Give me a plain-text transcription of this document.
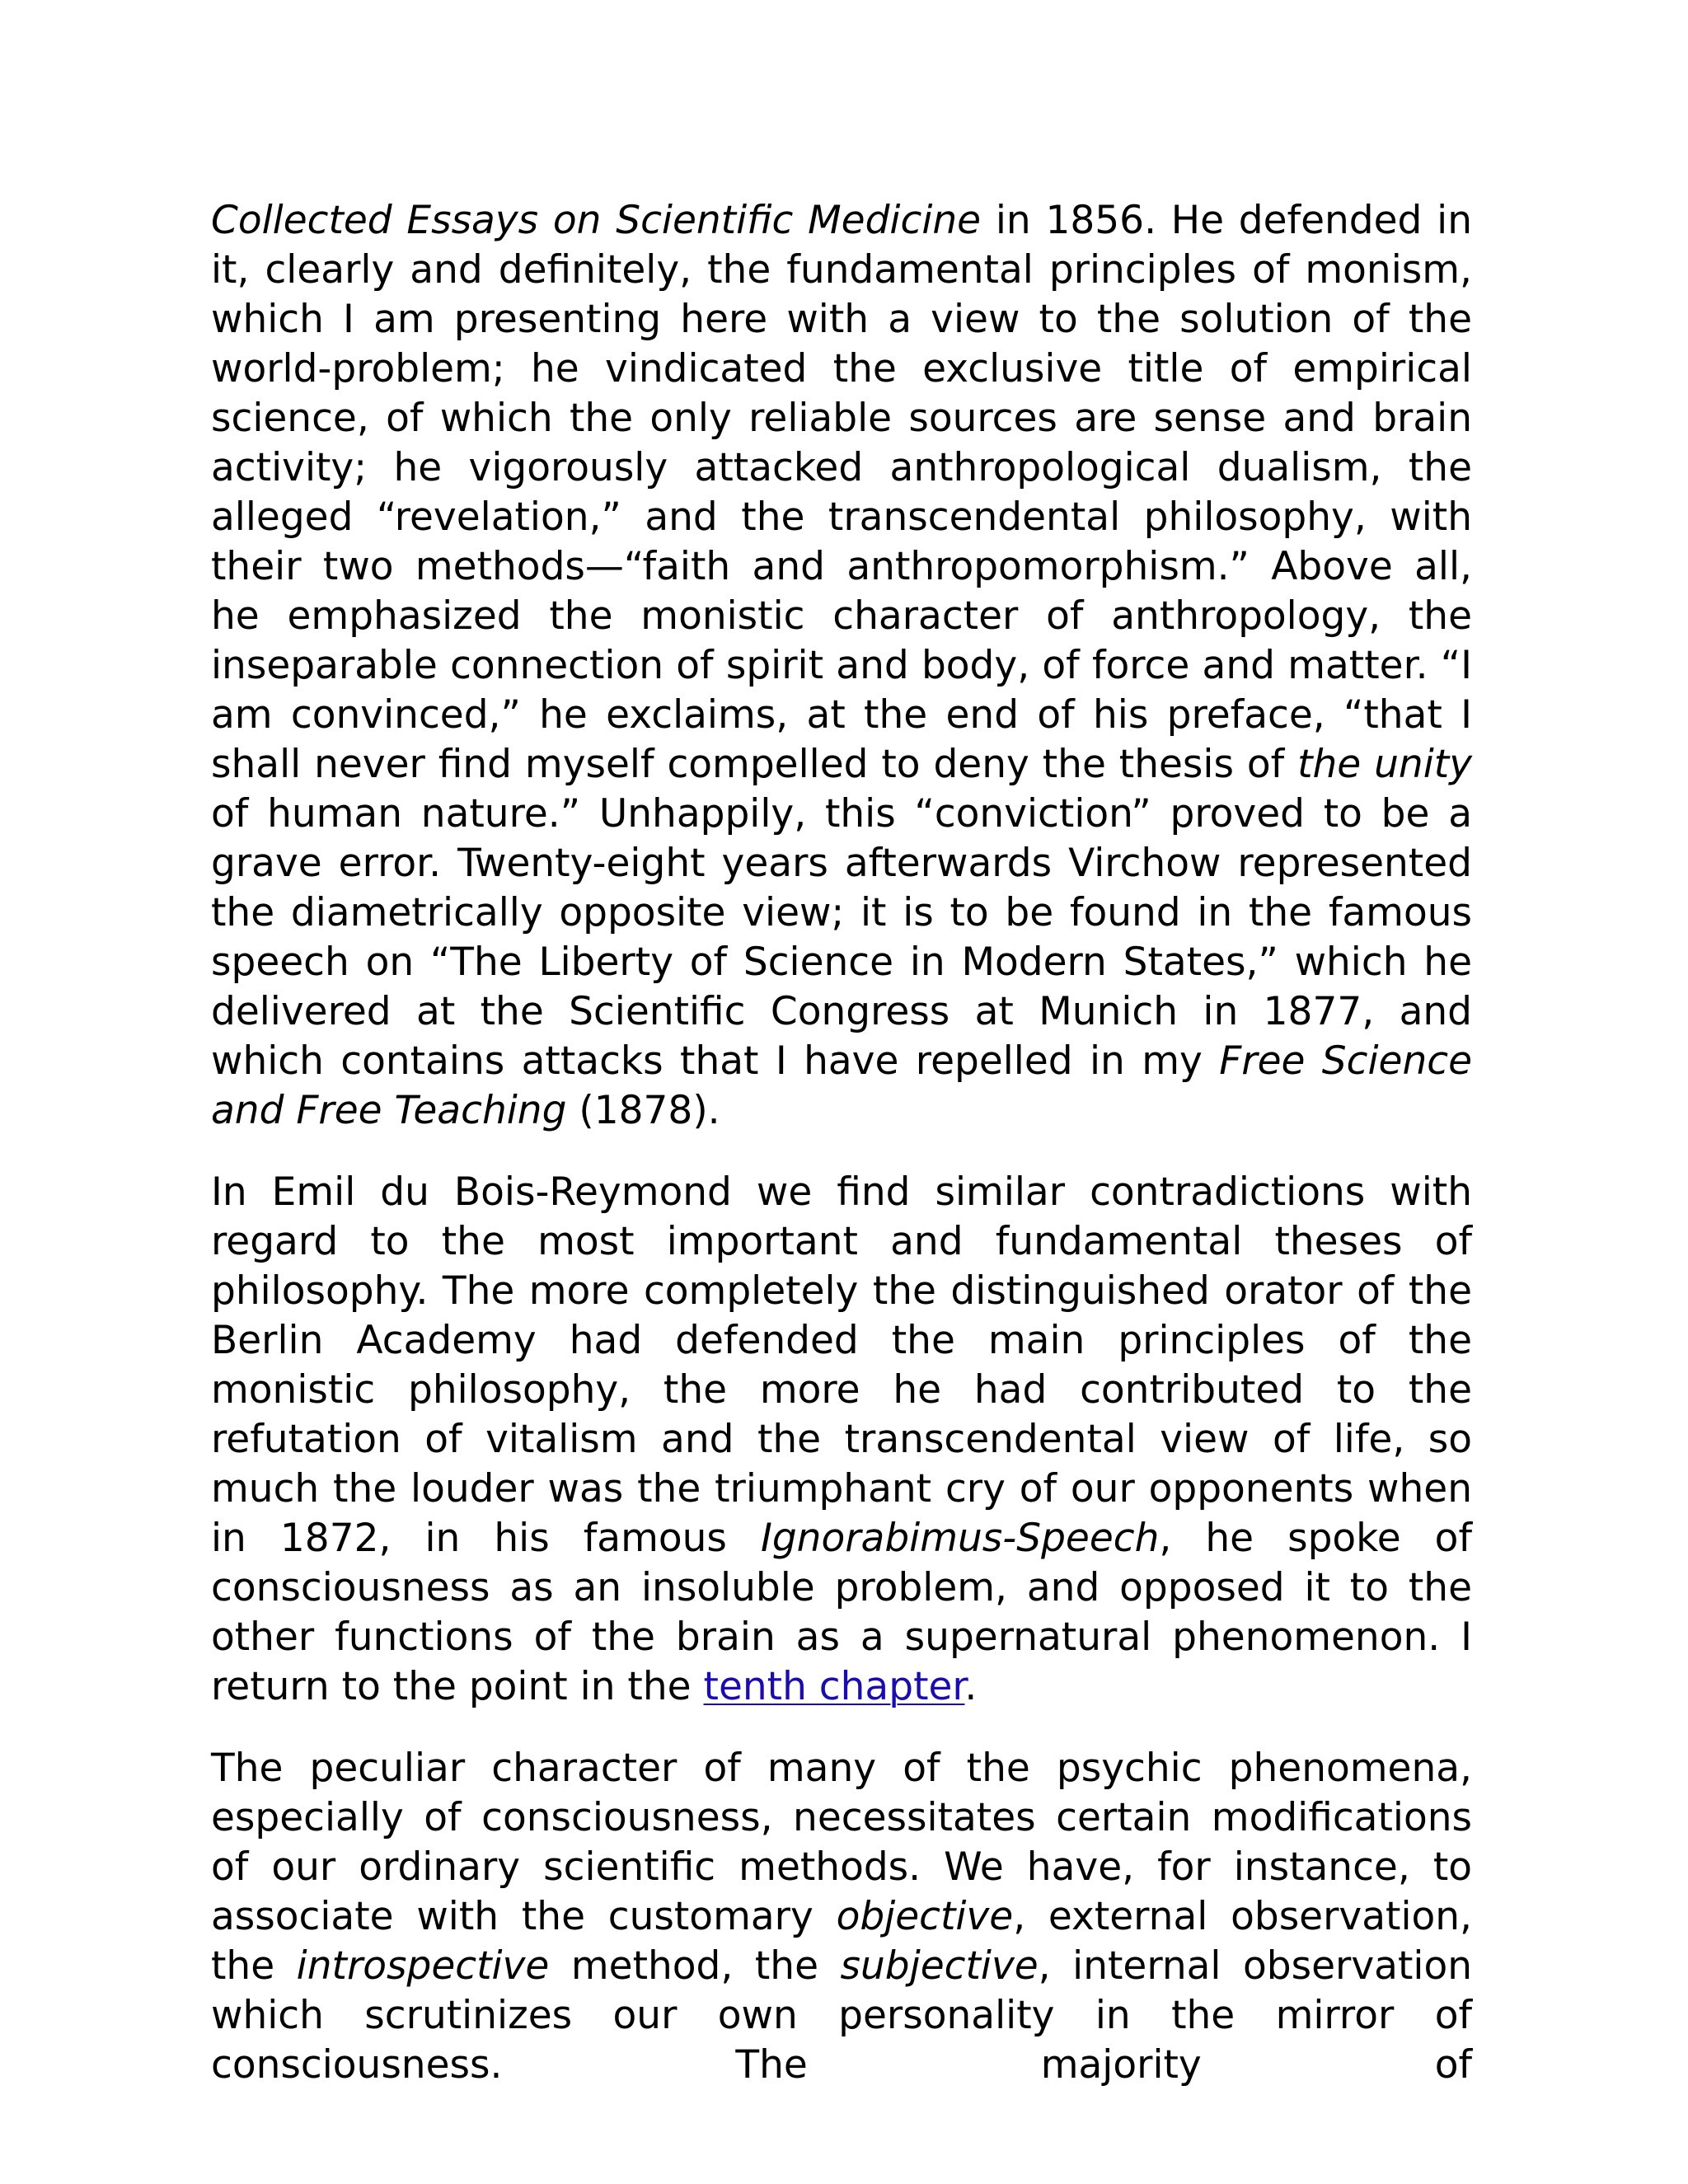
Collected Essays on Scientific Medicine in 1856. He defended in it, clearly and definitely, the fundamental principles of monism, which I am presenting here with a view to the solution of the world-problem; he vindicated the exclusive title of empirical science, of which the only reliable sources are sense and brain activity; he vigorously attacked anthropological dualism, the alleged “revelation,” and the transcendental philosophy, with their two methods—“faith and anthropomorphism.” Above all, he emphasized the monistic character of anthropology, the inseparable connection of spirit and body, of force and matter. “I am convinced,” he exclaims, at the end of his preface, “that I shall never find myself compelled to deny the thesis of the unity of human nature.” Unhappily, this “conviction” proved to be a grave error. Twenty-eight years afterwards Virchow represented the diametrically opposite view; it is to be found in the famous speech on “The Liberty of Science in Modern States,” which he delivered at the Scientific Congress at Munich in 1877, and which contains attacks that I have repelled in my Free Science and Free Teaching (1878).

In Emil du Bois-Reymond we find similar contradictions with regard to the most important and fundamental theses of philosophy. The more completely the distinguished orator of the Berlin Academy had defended the main principles of the monistic philosophy, the more he had contributed to the refutation of vitalism and the transcendental view of life, so much the louder was the triumphant cry of our opponents when in 1872, in his famous Ignorabimus-Speech, he spoke of consciousness as an insoluble problem, and opposed it to the other functions of the brain as a supernatural phenomenon. I return to the point in the tenth chapter.

The peculiar character of many of the psychic phenomena, especially of consciousness, necessitates certain modifications of our ordinary scientific methods. We have, for instance, to associate with the customary objective, external observation, the introspective method, the subjective, internal observation which scrutinizes our own personality in the mirror of consciousness. The majority of
